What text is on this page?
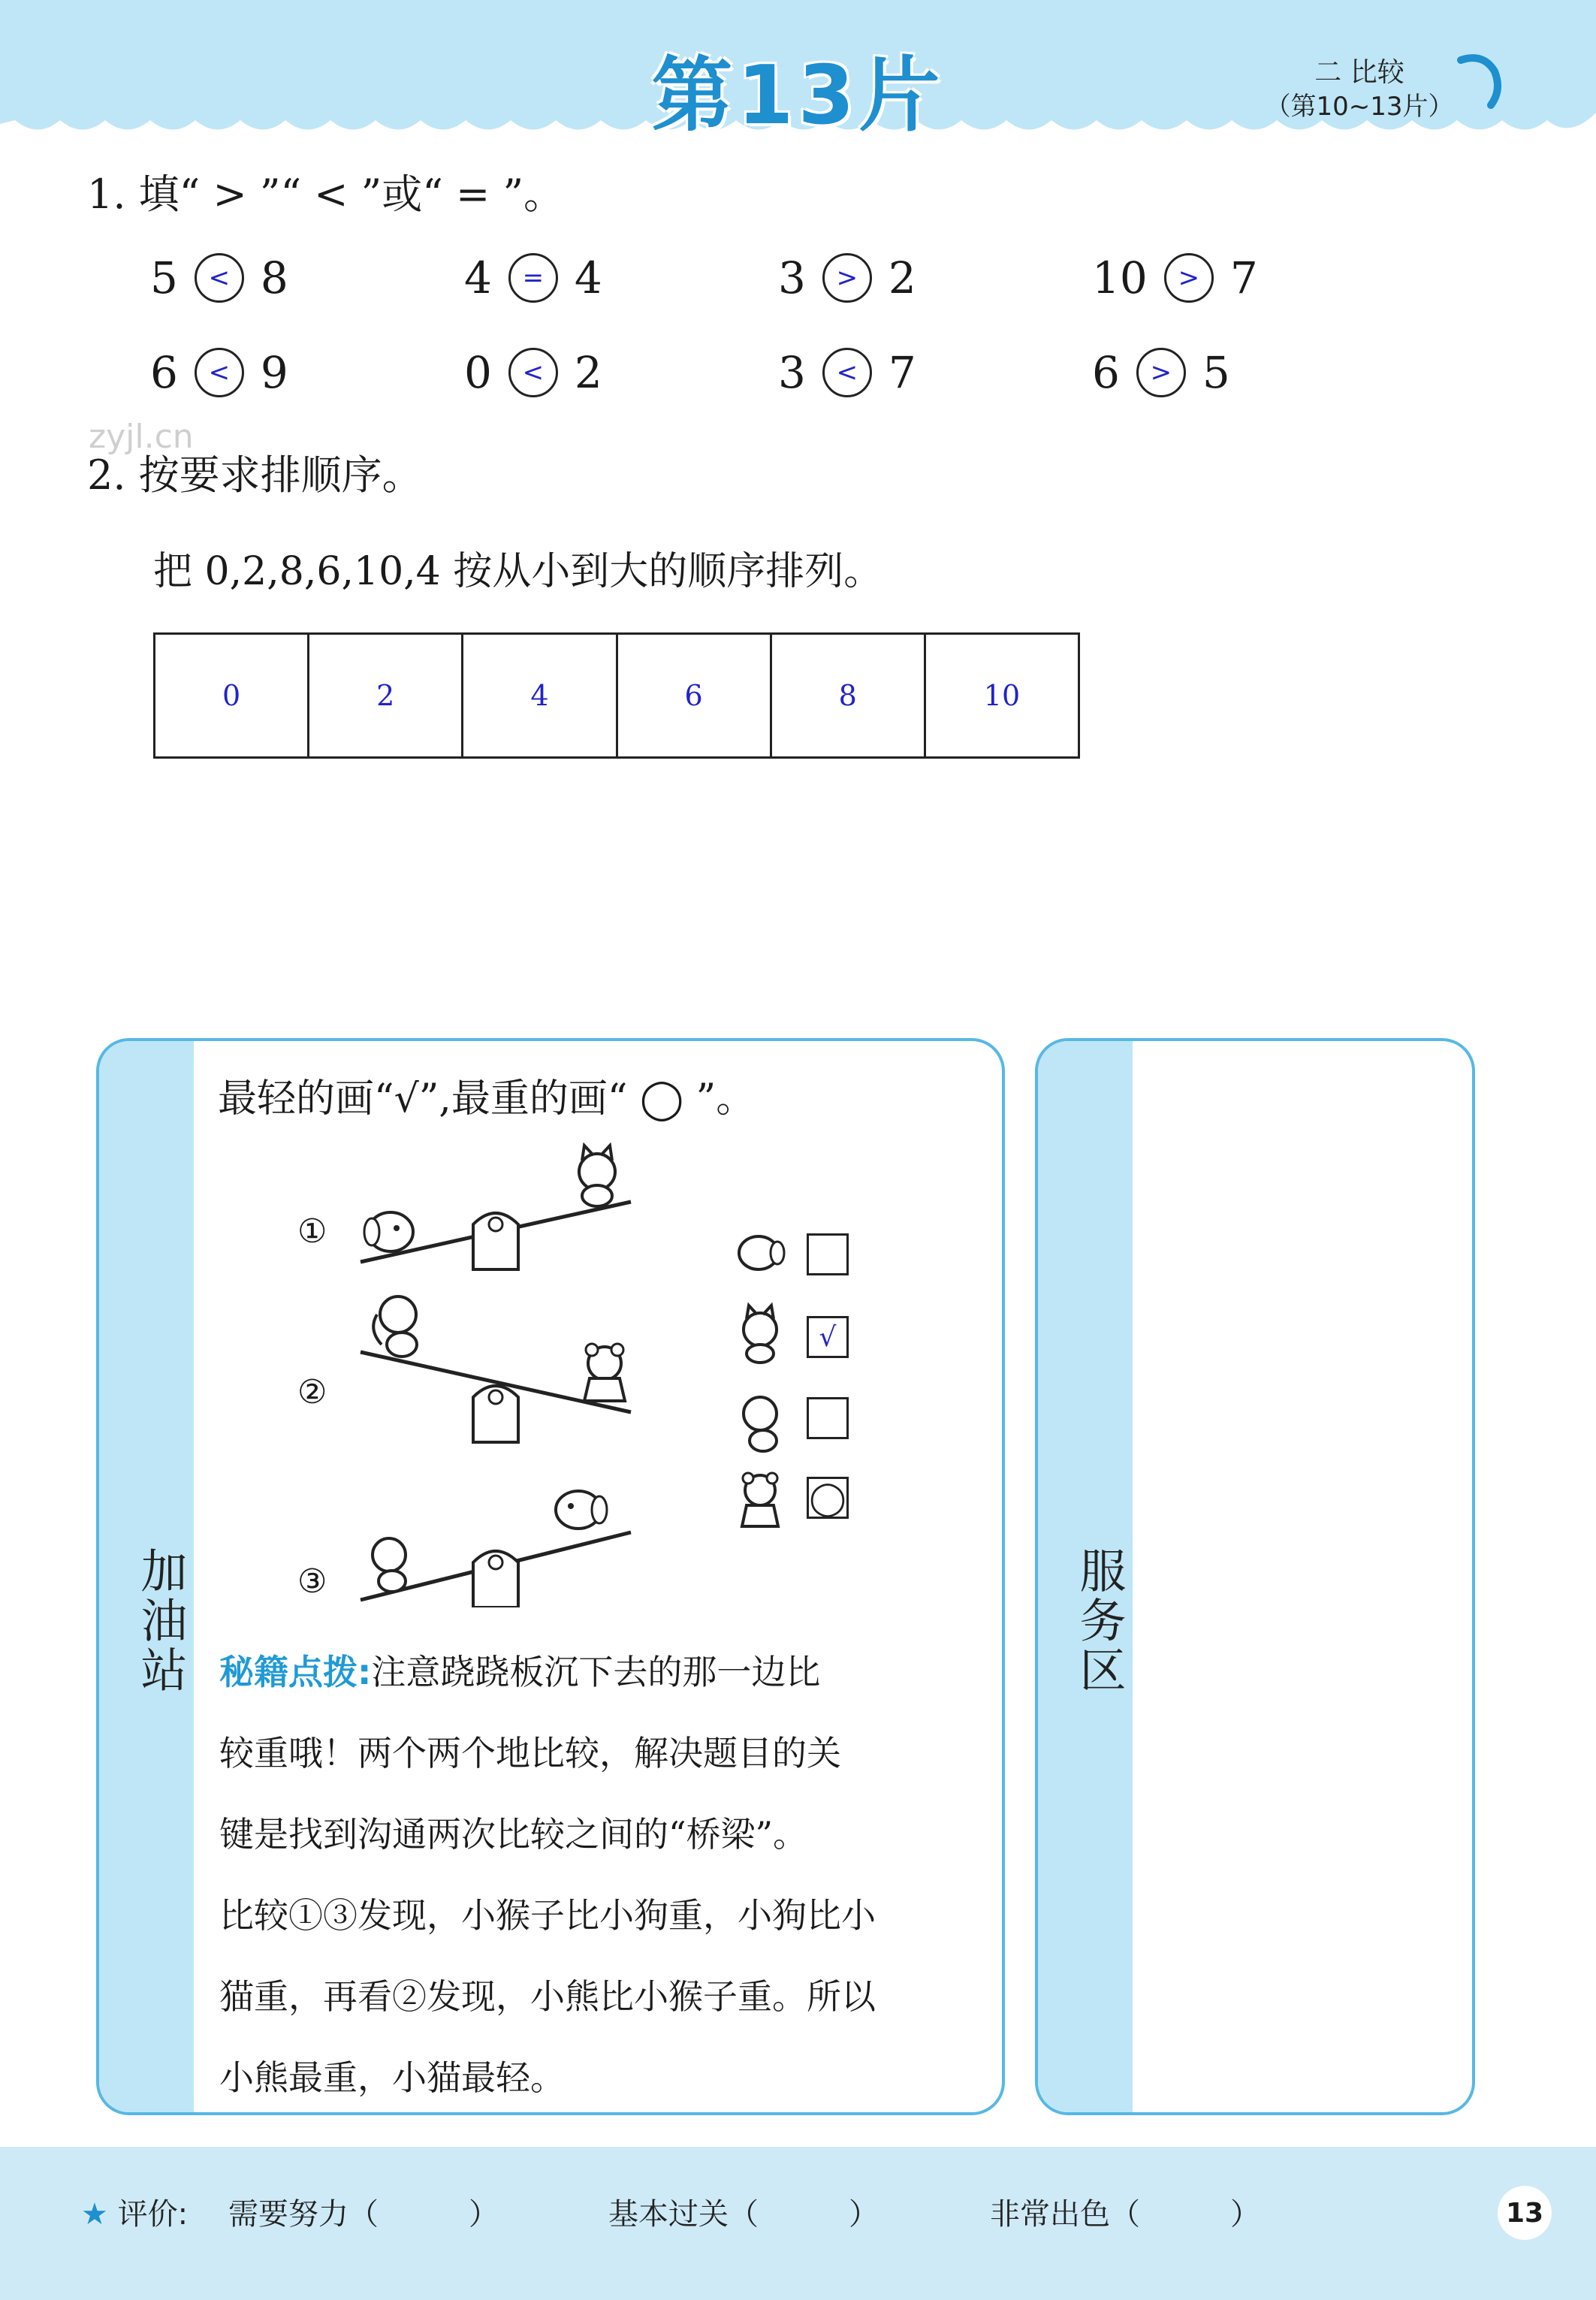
第13片	二 比较
（第10~13片）
1. 填“ > ”“ < ”或“ = ”。
5	< 8	4	= 4	3	> 2	10	> 7
6	< 9	0	< 2	3	< 7	6	> 5
zyjl.cn
2. 按要求排顺序。
把 0,2,8,6,10,4 按从小到大的顺序排列。
0	2	4	6	8	10
加油站
最轻的画“√”,最重的画“ ◯ ”。
①
②
③
√
◯
秘籍点拨:注意跷跷板沉下去的那一边比
较重哦！两个两个地比较，解决题目的关
键是找到沟通两次比较之间的“桥梁”。
比较①③发现，小猴子比小狗重，小狗比小
猫重，再看②发现，小熊比小猴子重。所以
小熊最重，小猫最轻。
服务区
★ 评价: 需要努力（　　　）	基本过关（　　　）	非常出色（　　　）	13
